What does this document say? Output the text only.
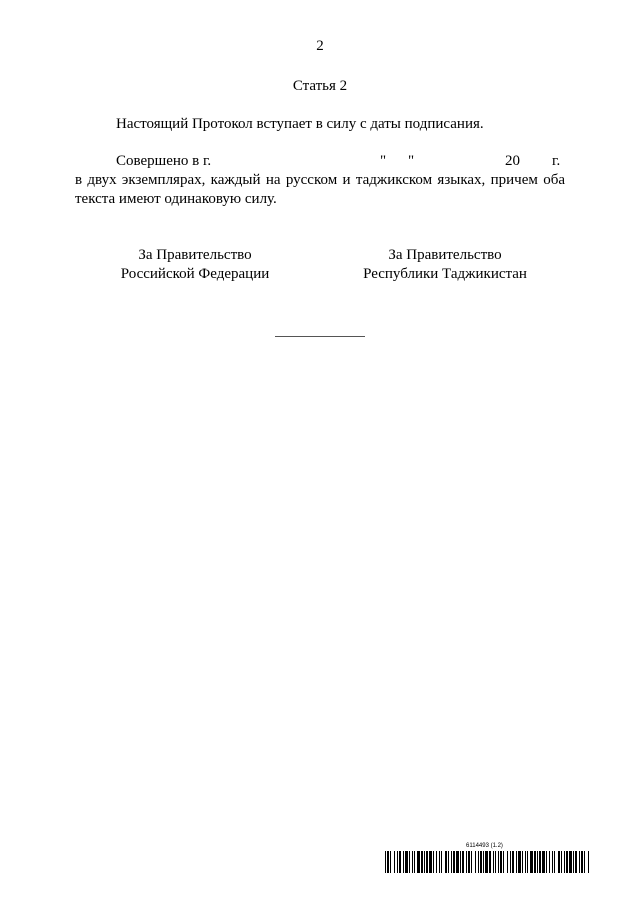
2
Статья 2
Настоящий Протокол вступает в силу с даты подписания.
Совершено в г.	" "	20 г.
в двух экземплярах, каждый на русском и таджикском языках, причем оба
текста имеют одинаковую силу.
За Правительство
Российской Федерации
За Правительство
Республики Таджикистан
6114493 (1.2)
